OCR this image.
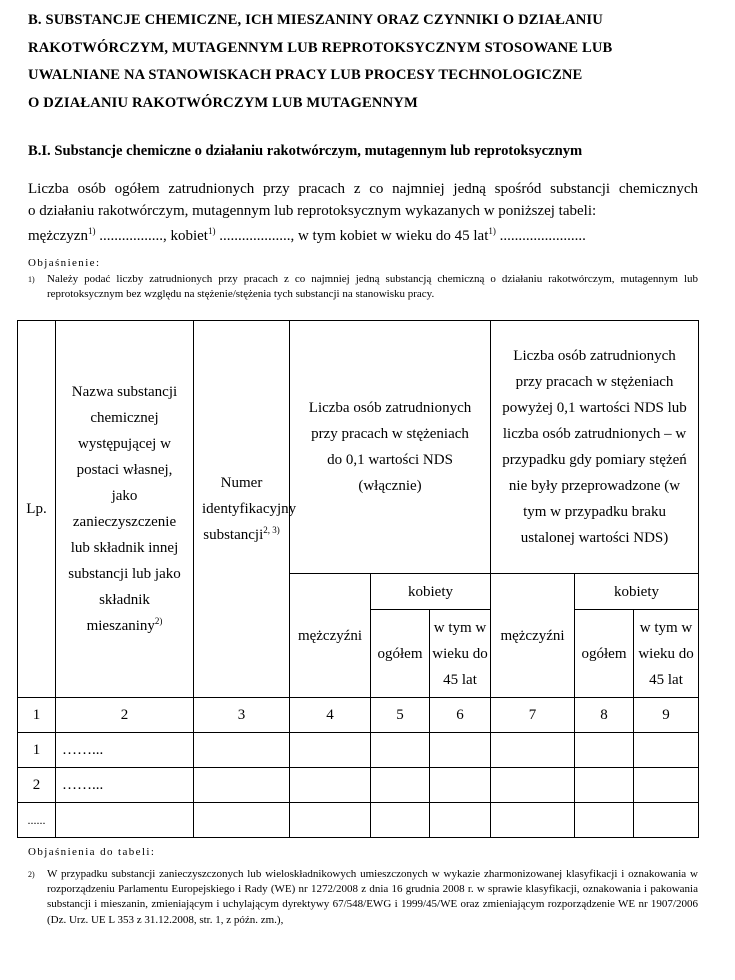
B. SUBSTANCJE CHEMICZNE, ICH MIESZANINY ORAZ CZYNNIKI O DZIAŁANIU
RAKOTWÓRCZYM, MUTAGENNYM LUB REPROTOKSYCZNYM STOSOWANE LUB
UWALNIANE NA STANOWISKACH PRACY LUB PROCESY TECHNOLOGICZNE
O DZIAŁANIU RAKOTWÓRCZYM LUB MUTAGENNYM
B.I. Substancje chemiczne o działaniu rakotwórczym, mutagennym lub reprotoksycznym
Liczba osób ogółem zatrudnionych przy pracach z co najmniej jedną spośród substancji chemicznych
o działaniu rakotwórczym, mutagennym lub reprotoksycznym wykazanych w poniższej tabeli:
mężczyzn$^{1)}$ ................., kobiet$^{1)}$ ..................., w tym kobiet w wieku do 45 lat$^{1)}$ .......................
Objaśnienie:
1) Należy podać liczby zatrudnionych przy pracach z co najmniej jedną substancją chemiczną o działaniu rakotwórczym, mutagennym lub reprotoksycznym bez względu na stężenie/stężenia tych substancji na stanowisku pracy.
Lp.	Nazwa substancji chemicznej występującej w postaci własnej, jako zanieczyszczenie lub składnik innej substancji lub jako składnik mieszaniny$^{2)}$	Numer identyfikacyjny substancji$^{2, 3)}$	Liczba osób zatrudnionych przy pracach w stężeniach do 0,1 wartości NDS (włącznie)			Liczba osób zatrudnionych przy pracach w stężeniach powyżej 0,1 wartości NDS lub liczba osób zatrudnionych – w przypadku gdy pomiary stężeń nie były przeprowadzone (w tym w przypadku braku ustalonej wartości NDS)		
			mężczyźni	kobiety		mężczyźni	kobiety	
				ogółem	w tym w wieku do 45 lat		ogółem	w tym w wieku do 45 lat
1	2	3	4	5	6	7	8	9
1	……...							
2	……...							
......								
Objaśnienia do tabeli:
2) W przypadku substancji zanieczyszczonych lub wieloskładnikowych umieszczonych w wykazie zharmonizowanej klasyfikacji i oznakowania w rozporządzeniu Parlamentu Europejskiego i Rady (WE) nr 1272/2008 z dnia 16 grudnia 2008 r. w sprawie klasyfikacji, oznakowania i pakowania substancji i mieszanin, zmieniającym i uchylającym dyrektywy 67/548/EWG i 1999/45/WE oraz zmieniającym rozporządzenie WE nr 1907/2006 (Dz. Urz. UE L 353 z 31.12.2008, str. 1, z późn. zm.),
